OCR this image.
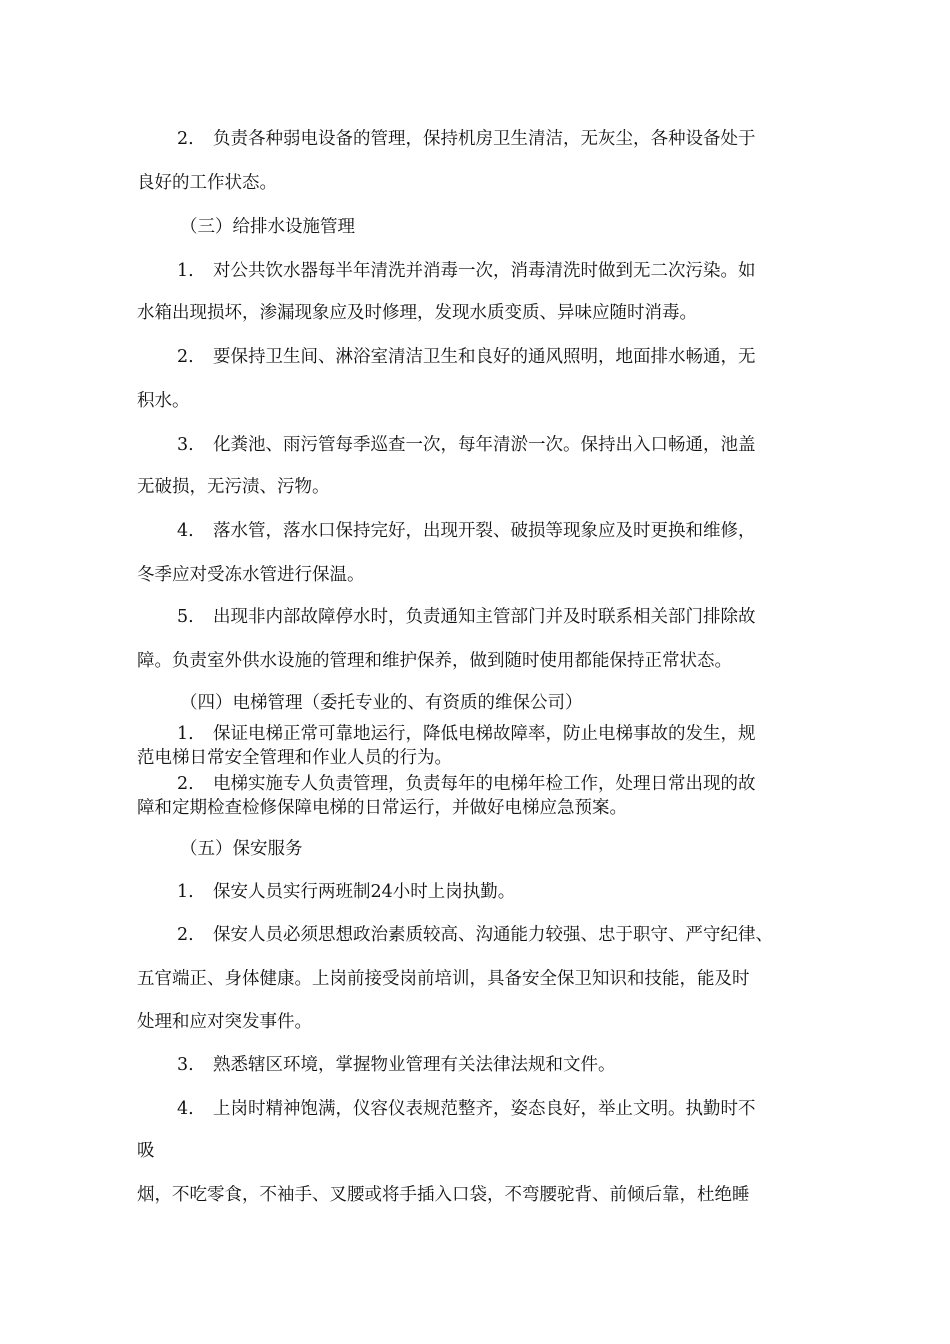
2. 负责各种弱电设备的管理，保持机房卫生清洁，无灰尘，各种设备处于

良好的工作状态。

（三）给排水设施管理

1. 对公共饮水器每半年清洗并消毒一次，消毒清洗时做到无二次污染。如

水箱出现损坏，渗漏现象应及时修理，发现水质变质、异味应随时消毒。

2. 要保持卫生间、淋浴室清洁卫生和良好的通风照明，地面排水畅通，无

积水。

3. 化粪池、雨污管每季巡查一次，每年清淤一次。保持出入口畅通，池盖

无破损，无污渍、污物。

4. 落水管，落水口保持完好，出现开裂、破损等现象应及时更换和维修，

冬季应对受冻水管进行保温。

5. 出现非内部故障停水时，负责通知主管部门并及时联系相关部门排除故

障。负责室外供水设施的管理和维护保养，做到随时使用都能保持正常状态。

（四）电梯管理（委托专业的、有资质的维保公司）

1. 保证电梯正常可靠地运行，降低电梯故障率，防止电梯事故的发生，规

范电梯日常安全管理和作业人员的行为。

2. 电梯实施专人负责管理，负责每年的电梯年检工作，处理日常出现的故

障和定期检查检修保障电梯的日常运行，并做好电梯应急预案。

（五）保安服务

1. 保安人员实行两班制24小时上岗执勤。

2. 保安人员必须思想政治素质较高、沟通能力较强、忠于职守、严守纪律、

五官端正、身体健康。上岗前接受岗前培训，具备安全保卫知识和技能，能及时

处理和应对突发事件。

3. 熟悉辖区环境，掌握物业管理有关法律法规和文件。

4. 上岗时精神饱满，仪容仪表规范整齐，姿态良好，举止文明。执勤时不

吸

烟，不吃零食，不袖手、叉腰或将手插入口袋，不弯腰驼背、前倾后靠，杜绝睡
